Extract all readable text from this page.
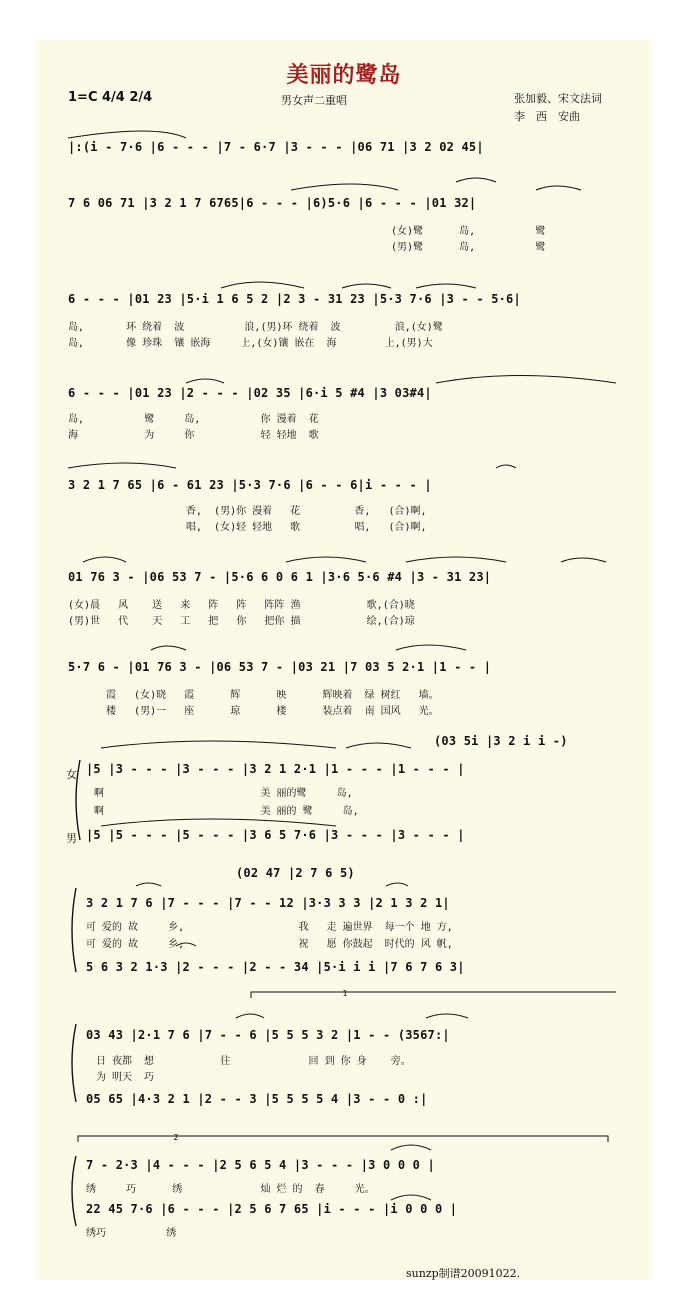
1
2
美丽的鹭岛
1=C 4/4 2/4	男女声二重唱	张加毅、宋文法词
李　西　安曲
|:(i - 7·6 |6 - - - |7 - 6·7 |3 - - - |06 71 |3 2 02 45|
7 6 06 71 |3 2 1 7 6765|6 - - - |6)5·6 |6 - - - |01 32|
(女)鹭      岛,          鹭
(男)鹭      岛,          鹭
6 - - - |01 23 |5·i 1 6 5 2 |2 3 - 31 23 |5·3 7·6 |3 - - 5·6|
岛,       环 绕着  波          浪,(男)环 绕着  波         浪,(女)鹭
岛,       像 珍珠  镶 嵌海     上,(女)镶 嵌在  海        上,(男)大
6 - - - |01 23 |2 - - - |02 35 |6·i 5 #4 |3 03#4|
岛,          鹭     岛,          你 漫着  花
海           为     你           轻 轻地  歌
3 2 1 7 65 |6 - 61 23 |5·3 7·6 |6 - - 6|i - - - |
香,  (男)你 漫着   花         香,   (合)啊,
唱,  (女)轻 轻地   歌         唱,   (合)啊,
01 76 3 - |06 53 7 - |5·6 6 0 6 1 |3·6 5·6 #4 |3 - 31 23|
(女)晨   风    送   来   阵   阵   阵阵 渔           歌,(合)晓
(男)世   代    天   工   把   你   把你 描           绘,(合)琼
5·7 6 - |01 76 3 - |06 53 7 - |03 21 |7 03 5 2·1 |1 - - |
霞   (女)晓   霞      辉      映      辉映着  绿 树红   墙。
楼   (男)一   座      琼      楼      装点着  南 国风   光。
(03 5i |3 2 i i -)
女 |5 |3 - - - |3 - - - |3 2 1 2·1 |1 - - - |1 - - - |
啊                          美 丽的鹭     岛,
啊                          美 丽的 鹭     岛,
男 |5 |5 - - - |5 - - - |3 6 5 7·6 |3 - - - |3 - - - |
(02 47 |2 7 6 5)
3 2 1 7 6 |7 - - - |7 - - 12 |3·3 3 3 |2 1 3 2 1|
可 爱的 故     乡,                   我   走 遍世界  每一个 地 方,
可 爱的 故     乡,                   祝   愿 你鼓起  时代的 风 帆,
5 6 3 2 1·3 |2 - - - |2 - - 34 |5·i i i |7 6 7 6 3|
03 43 |2·1 7 6 |7 - - 6 |5 5 5 3 2 |1 - - (3567:|
日 夜都  想           往             回 到 你 身    旁。
为 明天  巧
05 65 |4·3 2 1 |2 - - 3 |5 5 5 5 4 |3 - - 0 :|
7 - 2·3 |4 - - - |2 5 6 5 4 |3 - - - |3 0 0 0 |
绣     巧      绣             灿 烂 的  春     光。
22 45 7·6 |6 - - - |2 5 6 7 65 |i - - - |i 0 0 0 |
绣巧          绣
sunzp制谱20091022.
